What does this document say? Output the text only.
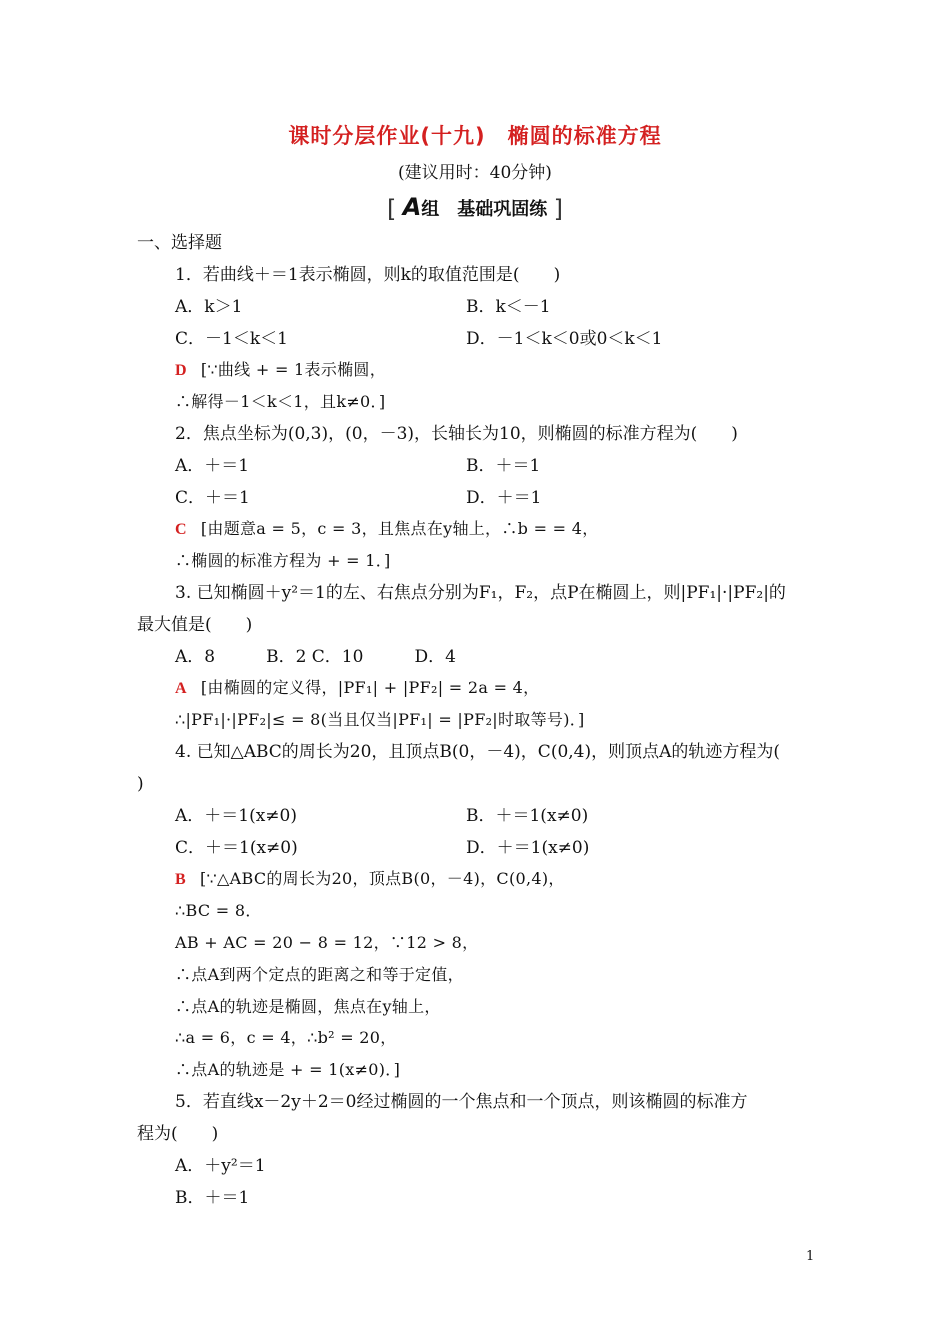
课时分层作业(十九)　椭圆的标准方程
(建议用时：40分钟)
[ A组　基础巩固练 ]
一、选择题
1．若曲线＋＝1表示椭圆，则k的取值范围是(　　)
A．k＞1	B．k＜－1
C．－1＜k＜1	D．－1＜k＜0或0＜k＜1
D [∵曲线 + = 1表示椭圆，
∴解得－1＜k＜1，且k≠0．]
2．焦点坐标为(0,3)，(0，－3)，长轴长为10，则椭圆的标准方程为(　　)
A．＋＝1	B．＋＝1
C．＋＝1	D．＋＝1
C [由题意a = 5，c = 3，且焦点在y轴上，∴b = = 4，
∴椭圆的标准方程为 + = 1．]
3. 已知椭圆＋y²＝1的左、右焦点分别为F₁，F₂，点P在椭圆上，则|PF₁|·|PF₂|的
最大值是(　　)
A．8　　　B．2 C．10　　　D．4
A [由椭圆的定义得，|PF₁| + |PF₂| = 2a = 4，
∴|PF₁|·|PF₂|≤ = 8(当且仅当|PF₁| = |PF₂|时取等号)．]
4. 已知△ABC的周长为20，且顶点B(0，－4)，C(0,4)，则顶点A的轨迹方程为(
)
A．＋＝1(x≠0)	B．＋＝1(x≠0)
C．＋＝1(x≠0)	D．＋＝1(x≠0)
B [∵△ABC的周长为20，顶点B(0，－4)，C(0,4)，
∴BC = 8．
AB + AC = 20 − 8 = 12，∵12 > 8，
∴点A到两个定点的距离之和等于定值，
∴点A的轨迹是椭圆，焦点在y轴上，
∴a = 6，c = 4，∴b² = 20，
∴点A的轨迹是 + = 1(x≠0)．]
5．若直线x－2y＋2＝0经过椭圆的一个焦点和一个顶点，则该椭圆的标准方
程为(　　)
A．＋y²＝1
B．＋＝1
1
